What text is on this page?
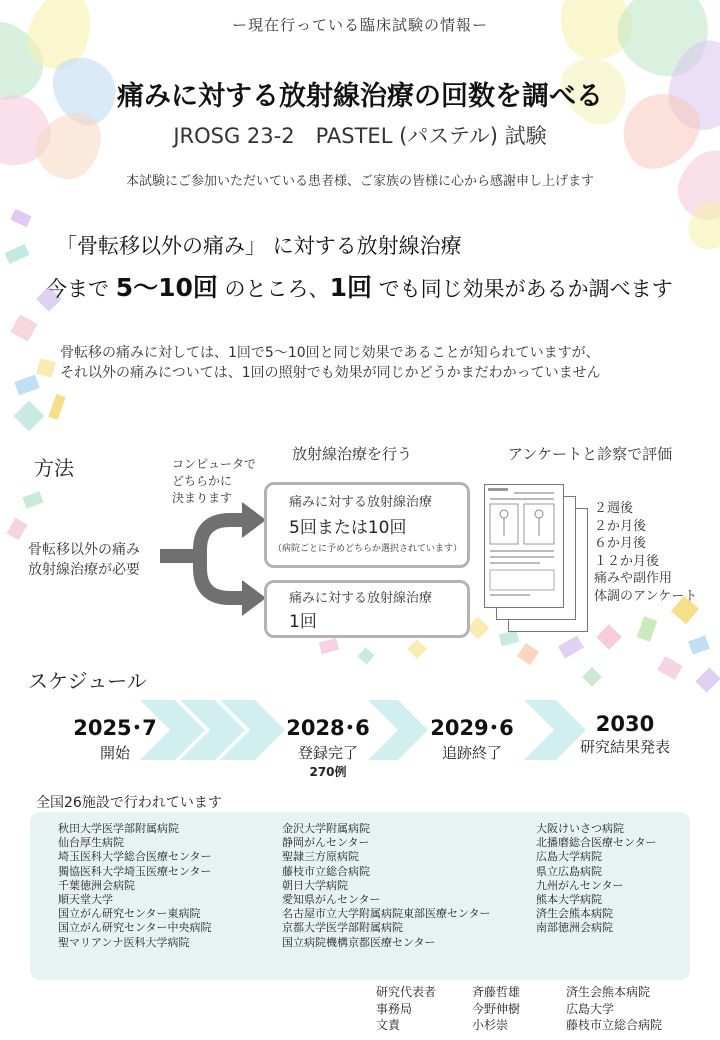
ー現在行っている臨床試験の情報ー
痛みに対する放射線治療の回数を調べる
JROSG 23-2　PASTEL (パステル) 試験
本試験にご参加いただいている患者様、ご家族の皆様に心から感謝申し上げます
「骨転移以外の痛み」 に対する放射線治療
今まで 5〜10回 のところ、1回 でも同じ効果があるか調べます
骨転移の痛みに対しては、1回で5〜10回と同じ効果であることが知られていますが、
それ以外の痛みについては、1回の照射でも効果が同じかどうかまだわかっていません
方法	コンピュータで
どちらかに
決まります
放射線治療を行う	アンケートと診察で評価
骨転移以外の痛み
放射線治療が必要
痛みに対する放射線治療
5回または10回
（病院ごとに予めどちらか選択されています）
痛みに対する放射線治療
1回
２週後
２か月後
６か月後
１２か月後
痛みや副作用
体調のアンケート
スケジュール
2025･7
開始
2028･6
登録完了
270例
2029･6
追跡終了
2030
研究結果発表
全国26施設で行われています
秋田大学医学部附属病院
仙台厚生病院
埼玉医科大学総合医療センター
獨協医科大学埼玉医療センター
千葉徳洲会病院
順天堂大学
国立がん研究センター東病院
国立がん研究センター中央病院
聖マリアンナ医科大学病院
金沢大学附属病院
静岡がんセンター
聖隷三方原病院
藤枝市立総合病院
朝日大学病院
愛知県がんセンター
名古屋市立大学附属病院東部医療センター
京都大学医学部附属病院
国立病院機構京都医療センター
大阪けいさつ病院
北播磨総合医療センター
広島大学病院
県立広島病院
九州がんセンター
熊本大学病院
済生会熊本病院
南部徳洲会病院
研究代表者
事務局
文責
斉藤哲雄
今野伸樹
小杉崇
済生会熊本病院
広島大学
藤枝市立総合病院
